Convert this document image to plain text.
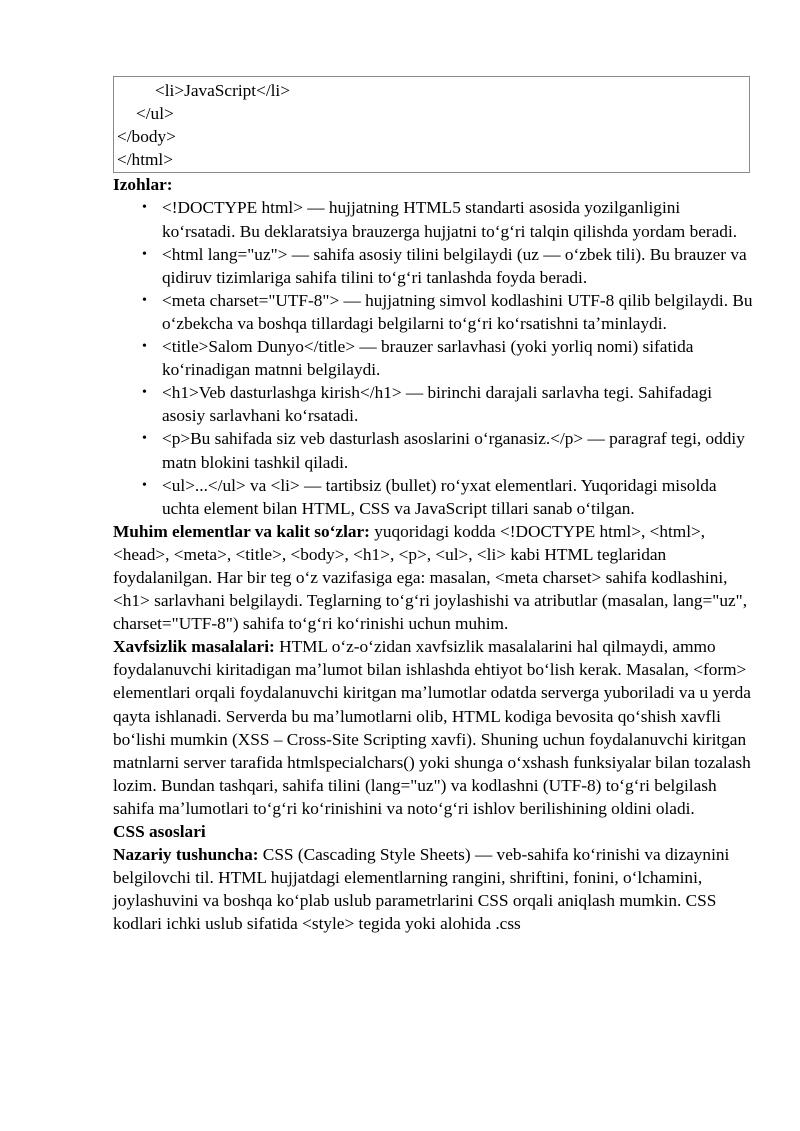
<li>JavaScript</li>
</ul>
</body>
</html>
Izohlar:
• <!DOCTYPE html> — hujjatning HTML5 standarti asosida yozilganligini koʻrsatadi. Bu deklaratsiya brauzerga hujjatni toʻgʻri talqin qilishda yordam beradi.
• <html lang="uz"> — sahifa asosiy tilini belgilaydi (uz — oʻzbek tili). Bu brauzer va qidiruv tizimlariga sahifa tilini toʻgʻri tanlashda foyda beradi.
• <meta charset="UTF-8"> — hujjatning simvol kodlashini UTF-8 qilib belgilaydi. Bu oʻzbekcha va boshqa tillardagi belgilarni toʻgʻri koʻrsatishni taʼminlaydi.
• <title>Salom Dunyo</title> — brauzer sarlavhasi (yoki yorliq nomi) sifatida koʻrinadigan matnni belgilaydi.
• <h1>Veb dasturlashga kirish</h1> — birinchi darajali sarlavha tegi. Sahifadagi asosiy sarlavhani koʻrsatadi.
• <p>Bu sahifada siz veb dasturlash asoslarini oʻrganasiz.</p> — paragraf tegi, oddiy matn blokini tashkil qiladi.
• <ul>...</ul> va <li> — tartibsiz (bullet) roʻyxat elementlari. Yuqoridagi misolda uchta element bilan HTML, CSS va JavaScript tillari sanab oʻtilgan.

Muhim elementlar va kalit soʻzlar: yuqoridagi kodda <!DOCTYPE html>, <html>, <head>, <meta>, <title>, <body>, <h1>, <p>, <ul>, <li> kabi HTML teglaridan foydalanilgan. Har bir teg oʻz vazifasiga ega: masalan, <meta charset> sahifa kodlashini, <h1> sarlavhani belgilaydi. Teglarning toʻgʻri joylashishi va atributlar (masalan, lang="uz", charset="UTF-8") sahifa toʻgʻri koʻrinishi uchun muhim.

Xavfsizlik masalalari: HTML oʻz-oʻzidan xavfsizlik masalalarini hal qilmaydi, ammo foydalanuvchi kiritadigan maʼlumot bilan ishlashda ehtiyot boʻlish kerak. Masalan, <form> elementlari orqali foydalanuvchi kiritgan maʼlumotlar odatda serverga yuboriladi va u yerda qayta ishlanadi. Serverda bu maʼlumotlarni olib, HTML kodiga bevosita qoʻshish xavfli boʻlishi mumkin (XSS – Cross-Site Scripting xavfi). Shuning uchun foydalanuvchi kiritgan matnlarni server tarafida htmlspecialchars() yoki shunga oʻxshash funksiyalar bilan tozalash lozim. Bundan tashqari, sahifa tilini (lang="uz") va kodlashni (UTF-8) toʻgʻri belgilash sahifa maʼlumotlari toʻgʻri koʻrinishini va notoʻgʻri ishlov berilishining oldini oladi.

CSS asoslari

Nazariy tushuncha: CSS (Cascading Style Sheets) — veb-sahifa koʻrinishi va dizaynini belgilovchi til. HTML hujjatdagi elementlarning rangini, shriftini, fonini, oʻlchamini, joylashuvini va boshqa koʻplab uslub parametrlarini CSS orqali aniqlash mumkin. CSS kodlari ichki uslub sifatida <style> tegida yoki alohida .css
